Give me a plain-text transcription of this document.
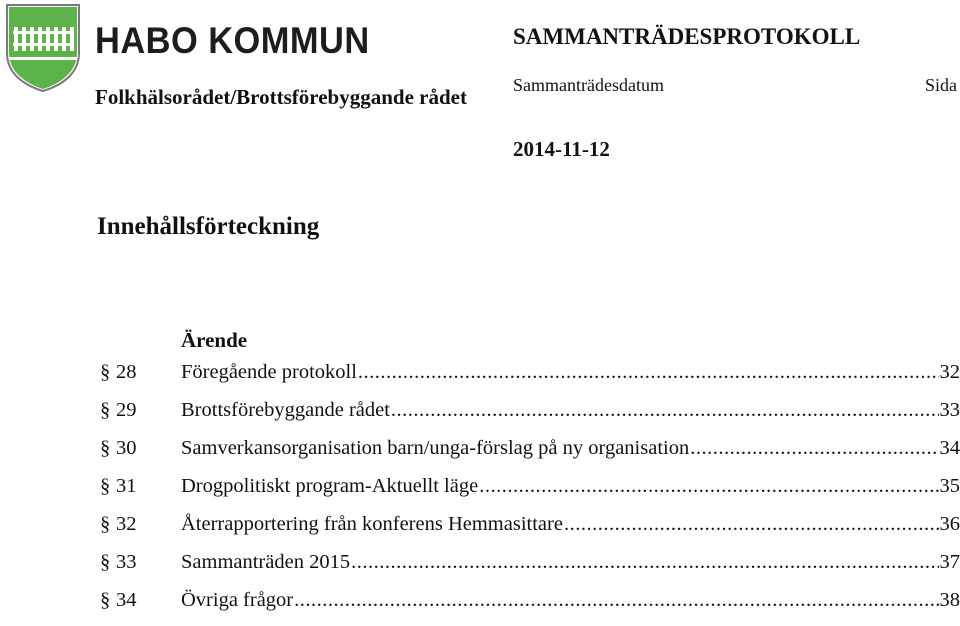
HABO KOMMUN	SAMMANTRÄDESPROTOKOLL
Folkhälsorådet/Brottsförebyggande rådet	Sammanträdesdatum	Sida
2014-11-12
Innehållsförteckning
Ärende
§ 28 Föregående protokoll .....	32
§ 29 Brottsförebyggande rådet .....	33
§ 30 Samverkansorganisation barn/unga-förslag på ny organisation .....	34
§ 31 Drogpolitiskt program-Aktuellt läge .....	35
§ 32 Återrapportering från konferens Hemmasittare .....	36
§ 33 Sammanträden 2015 .....	37
§ 34 Övriga frågor .....	38
